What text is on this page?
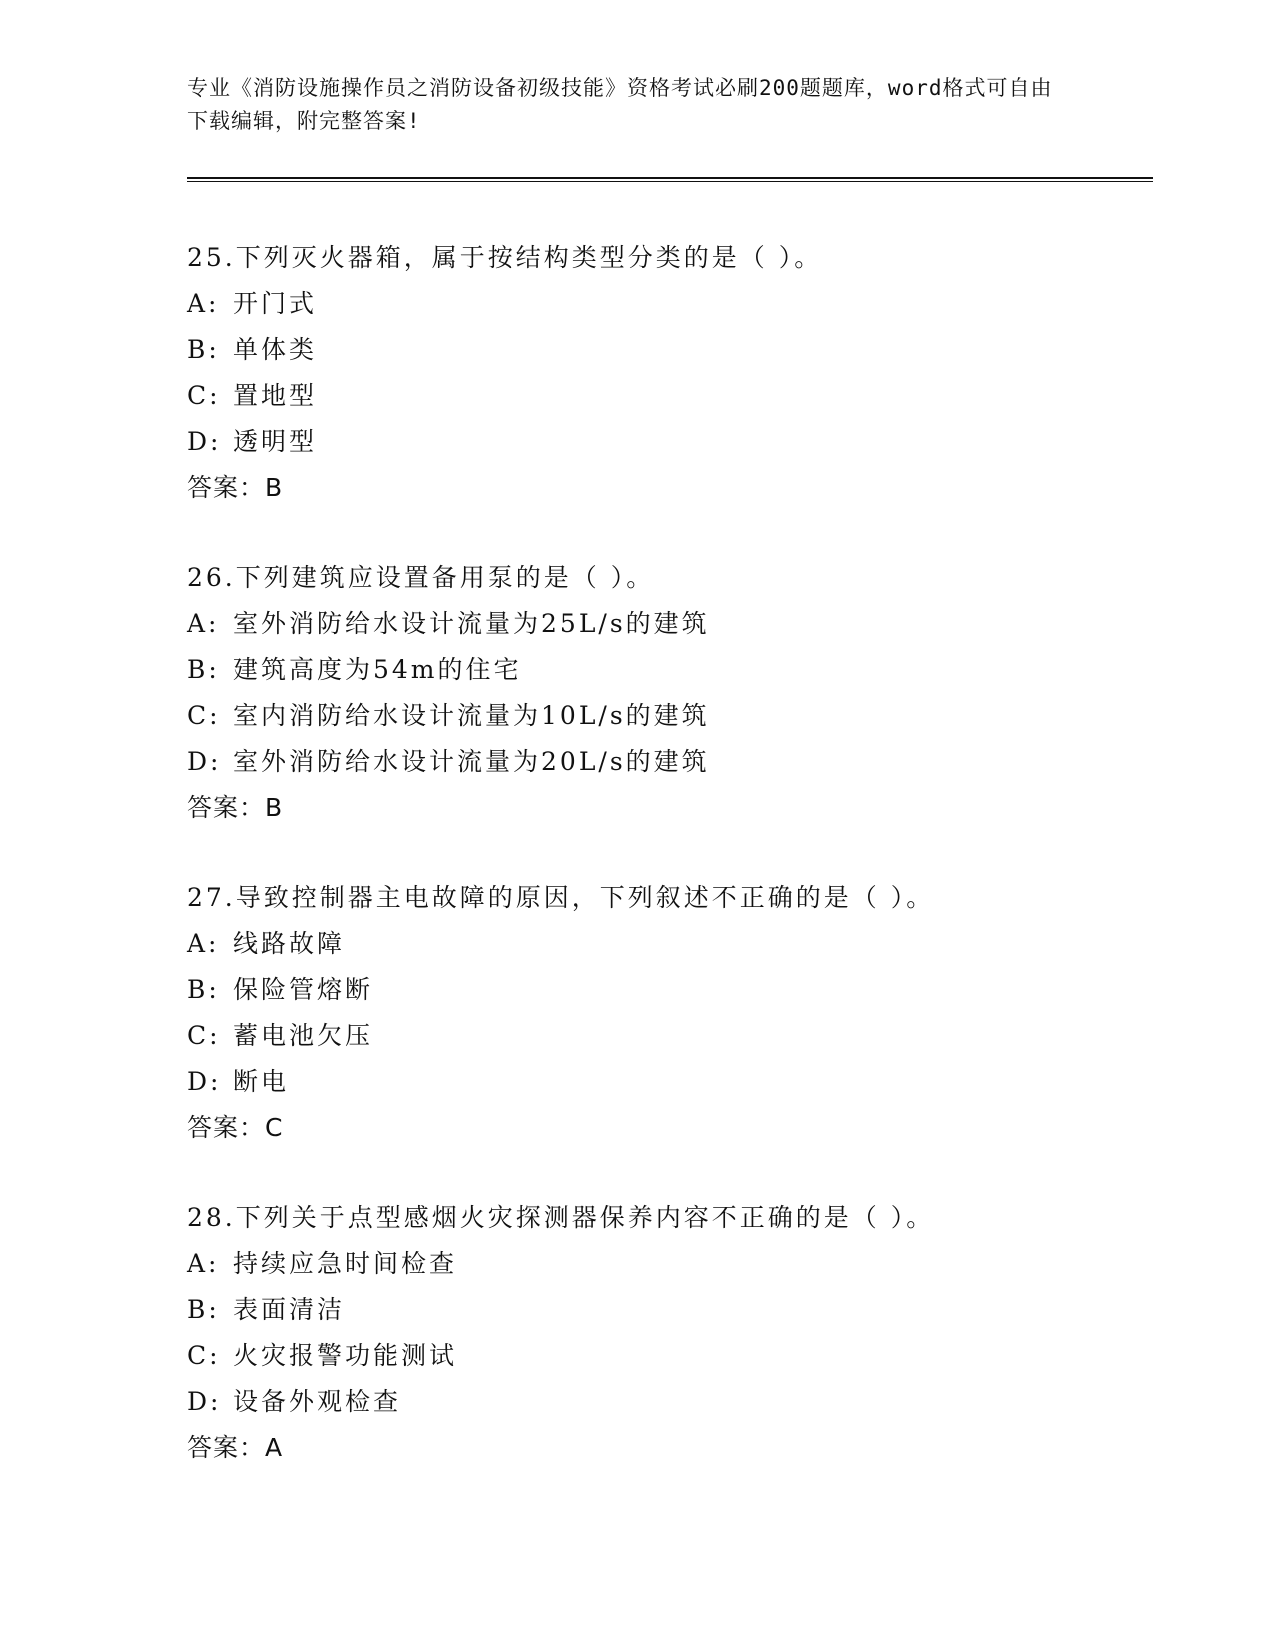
专业《消防设施操作员之消防设备初级技能》资格考试必刷200题题库，word格式可自由下载编辑，附完整答案!
25.下列灭火器箱，属于按结构类型分类的是（ ）。
A: 开门式
B: 单体类
C: 置地型
D: 透明型
答案：B
26.下列建筑应设置备用泵的是（ ）。
A: 室外消防给水设计流量为25L/s的建筑
B: 建筑高度为54m的住宅
C: 室内消防给水设计流量为10L/s的建筑
D: 室外消防给水设计流量为20L/s的建筑
答案：B
27.导致控制器主电故障的原因，下列叙述不正确的是（ ）。
A: 线路故障
B: 保险管熔断
C: 蓄电池欠压
D: 断电
答案：C
28.下列关于点型感烟火灾探测器保养内容不正确的是（ ）。
A: 持续应急时间检查
B: 表面清洁
C: 火灾报警功能测试
D: 设备外观检查
答案：A
